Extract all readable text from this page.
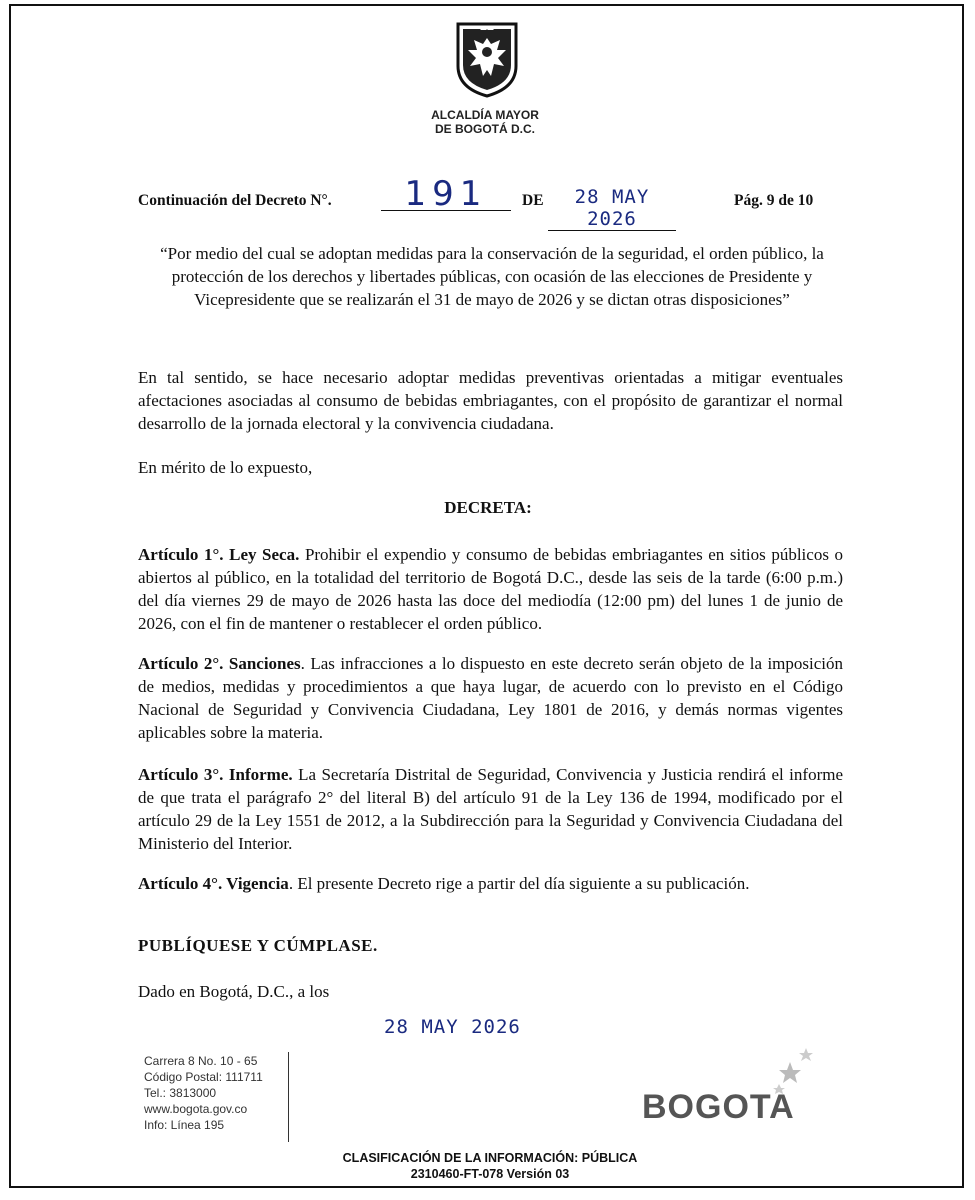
ALCALDÍA MAYOR
DE BOGOTÁ D.C.
Continuación del Decreto N°.	191	DE	28 MAY 2026
Pág. 9 de 10
“Por medio del cual se adoptan medidas para la conservación de la seguridad, el orden público, la protección de los derechos y libertades públicas, con ocasión de las elecciones de Presidente y Vicepresidente que se realizarán el 31 de mayo de 2026 y se dictan otras disposiciones”
En tal sentido, se hace necesario adoptar medidas preventivas orientadas a mitigar eventuales afectaciones asociadas al consumo de bebidas embriagantes, con el propósito de garantizar el normal desarrollo de la jornada electoral y la convivencia ciudadana.
En mérito de lo expuesto,
DECRETA:
Artículo 1°. Ley Seca. Prohibir el expendio y consumo de bebidas embriagantes en sitios públicos o abiertos al público, en la totalidad del territorio de Bogotá D.C., desde las seis de la tarde (6:00 p.m.) del día viernes 29 de mayo de 2026 hasta las doce del mediodía (12:00 pm) del lunes 1 de junio de 2026, con el fin de mantener o restablecer el orden público.
Artículo 2°. Sanciones. Las infracciones a lo dispuesto en este decreto serán objeto de la imposición de medios, medidas y procedimientos a que haya lugar, de acuerdo con lo previsto en el Código Nacional de Seguridad y Convivencia Ciudadana, Ley 1801 de 2016, y demás normas vigentes aplicables sobre la materia.
Artículo 3°. Informe. La Secretaría Distrital de Seguridad, Convivencia y Justicia rendirá el informe de que trata el parágrafo 2° del literal B) del artículo 91 de la Ley 136 de 1994, modificado por el artículo 29 de la Ley 1551 de 2012, a la Subdirección para la Seguridad y Convivencia Ciudadana del Ministerio del Interior.
Artículo 4°. Vigencia. El presente Decreto rige a partir del día siguiente a su publicación.
PUBLÍQUESE Y CÚMPLASE.
Dado en Bogotá, D.C., a los
28 MAY 2026
Carrera 8 No. 10 - 65
Código Postal: 111711
Tel.: 3813000
www.bogota.gov.co
Info: Línea 195	BOGOTA
CLASIFICACIÓN DE LA INFORMACIÓN: PÚBLICA
2310460-FT-078 Versión 03
